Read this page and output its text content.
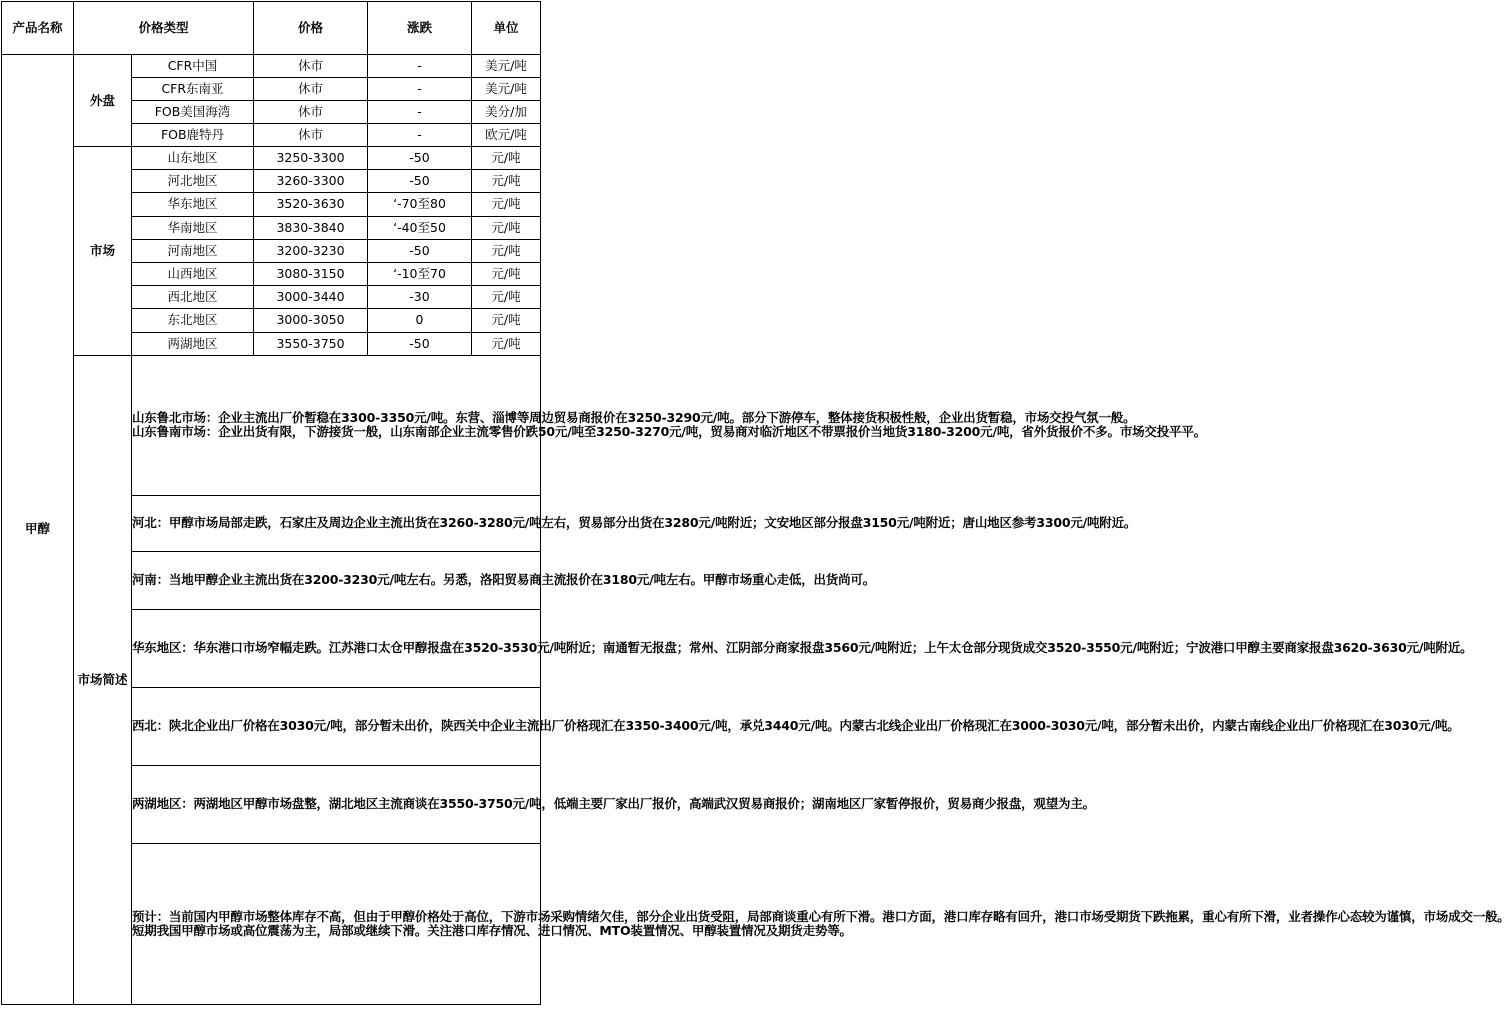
产品名称	价格类型		价格	涨跌	单位
甲醇	外盘	CFR中国	休市	-	美元/吨
		CFR东南亚	休市	-	美元/吨
		FOB美国海湾	休市	-	美分/加
		FOB鹿特丹	休市	-	欧元/吨
	市场	山东地区	3250-3300	-50	元/吨
		河北地区	3260-3300	-50	元/吨
		华东地区	3520-3630	‘-70至80	元/吨
		华南地区	3830-3840	‘-40至50	元/吨
		河南地区	3200-3230	-50	元/吨
		山西地区	3080-3150	‘-10至70	元/吨
		西北地区	3000-3440	-30	元/吨
		东北地区	3000-3050	0	元/吨
		两湖地区	3550-3750	-50	元/吨
	市场简述	山东鲁北市场：企业主流出厂价暂稳在3300-3350元/吨。东营、淄博等周边贸易商报价在3250-3290元/吨。部分下游停车，整体接货积极性般，企业出货暂稳，市场交投气氛一般。
山东鲁南市场：企业出货有限，下游接货一般，山东南部企业主流零售价跌50元/吨至3250-3270元/吨，贸易商对临沂地区不带票报价当地货3180-3200元/吨，省外货报价不多。市场交投平平。			

		河北：甲醇市场局部走跌，石家庄及周边企业主流出货在3260-3280元/吨左右，贸易部分出货在3280元/吨附近；文安地区部分报盘3150元/吨附近；唐山地区参考3300元/吨附近。			
		河南：当地甲醇企业主流出货在3200-3230元/吨左右。另悉，洛阳贸易商主流报价在3180元/吨左右。甲醇市场重心走低，出货尚可。			
		华东地区：华东港口市场窄幅走跌。江苏港口太仓甲醇报盘在3520-3530元/吨附近；南通暂无报盘；常州、江阴部分商家报盘3560元/吨附近；上午太仓部分现货成交3520-3550元/吨附近；宁波港口甲醇主要商家报盘3620-3630元/吨附近。			
		西北：陕北企业出厂价格在3030元/吨，部分暂未出价，陕西关中企业主流出厂价格现汇在3350-3400元/吨，承兑3440元/吨。内蒙古北线企业出厂价格现汇在3000-3030元/吨，部分暂未出价，内蒙古南线企业出厂价格现汇在3030元/吨。			
		两湖地区：两湖地区甲醇市场盘整，湖北地区主流商谈在3550-3750元/吨，低端主要厂家出厂报价，高端武汉贸易商报价；湖南地区厂家暂停报价，贸易商少报盘，观望为主。			

		预计：当前国内甲醇市场整体库存不高，但由于甲醇价格处于高位，下游市场采购情绪欠佳，部分企业出货受阻，局部商谈重心有所下滑。港口方面，港口库存略有回升，港口市场受期货下跌拖累，重心有所下滑，业者操作心态较为谨慎，市场成交一般。
短期我国甲醇市场或高位震荡为主，局部或继续下滑。关注港口库存情况、进口情况、MTO装置情况、甲醇装置情况及期货走势等。			
